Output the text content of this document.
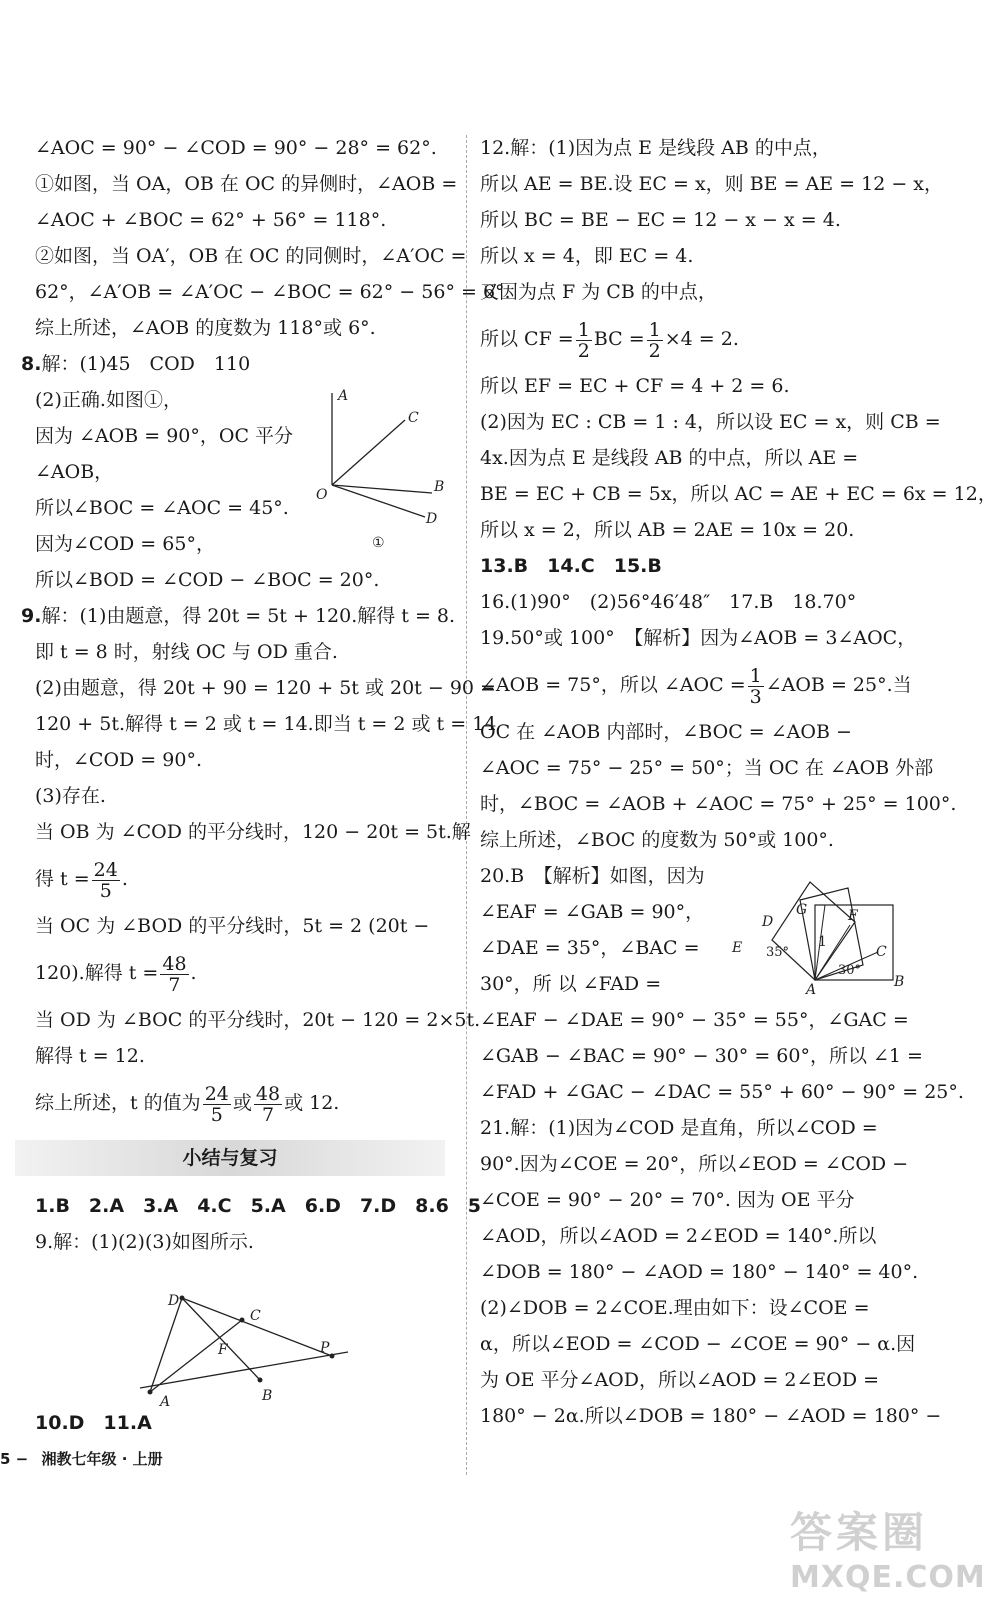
∠AOC = 90° − ∠COD = 90° − 28° = 62°.
①如图，当 OA，OB 在 OC 的异侧时，∠AOB =
∠AOC + ∠BOC = 62° + 56° = 118°.
②如图，当 OA′，OB 在 OC 的同侧时，∠A′OC =
62°，∠A′OB = ∠A′OC − ∠BOC = 62° − 56° = 6°.
综上所述，∠AOB 的度数为 118°或 6°.
8.解：(1)45　COD　110
(2)正确.如图①，
因为 ∠AOB = 90°，OC 平分
∠AOB，
所以∠BOC = ∠AOC = 45°.
因为∠COD = 65°，
所以∠BOD = ∠COD − ∠BOC = 20°.
9.解：(1)由题意，得 20t = 5t + 120.解得 t = 8.
即 t = 8 时，射线 OC 与 OD 重合.
(2)由题意，得 20t + 90 = 120 + 5t 或 20t − 90 =
120 + 5t.解得 t = 2 或 t = 14.即当 t = 2 或 t = 14
时，∠COD = 90°.
(3)存在.
当 OB 为 ∠COD 的平分线时，120 − 20t = 5t.解
得 $t = \frac{24}{5}$ .
当 OC 为 ∠BOD 的平分线时，5t = 2 (20t −
120).解得 $t = \frac{48}{7}$ .
当 OD 为 ∠BOC 的平分线时，20t − 120 = 2×5t.
解得 t = 12.
综上所述，t 的值为 $\frac{24}{5}$ 或 $\frac{48}{7}$ 或 12.
小结与复习
1.B　2.A　3.A　4.C　5.A　6.D　7.D　8.6　5
9.解：(1)(2)(3)如图所示.
10.D　11.A
A
C
O	B
D
①
D
C
F	P
A	B
12.解：(1)因为点 E 是线段 AB 的中点，
所以 AE = BE.设 EC = x，则 BE = AE = 12 − x，
所以 BC = BE − EC = 12 − x − x = 4.
所以 x = 4，即 EC = 4.
又因为点 F 为 CB 的中点，
所以 CF = $\frac{1}{2}$ BC = $\frac{1}{2} \times 4 = 2$.
所以 EF = EC + CF = 4 + 2 = 6.
(2)因为 EC : CB = 1 : 4，所以设 EC = x，则 CB =
4x.因为点 E 是线段 AB 的中点，所以 AE =
BE = EC + CB = 5x，所以 AC = AE + EC = 6x = 12，
所以 x = 2，所以 AB = 2AE = 10x = 20.
13.B　14.C　15.B
16.(1)90°　(2)56°46′48″　17.B　18.70°
19.50°或 100°　【解析】因为∠AOB = 3∠AOC，
∠AOB = 75°，所以 ∠AOC = $\frac{1}{3}$ ∠AOB = 25°.当
OC 在 ∠AOB 内部时，∠BOC = ∠AOB −
∠AOC = 75° − 25° = 50°；当 OC 在 ∠AOB 外部
时，∠BOC = ∠AOB + ∠AOC = 75° + 25° = 100°.
综上所述，∠BOC 的度数为 50°或 100°.
20.B　【解析】如图，因为
∠EAF = ∠GAB = 90°，
∠DAE = 35°，∠BAC =
30°，所 以 ∠FAD =
∠EAF − ∠DAE = 90° − 35° = 55°，∠GAC =
∠GAB − ∠BAC = 90° − 30° = 60°，所以 ∠1 =
∠FAD + ∠GAC − ∠DAC = 55° + 60° − 90° = 25°.
21.解：(1)因为∠COD 是直角，所以∠COD =
90°.因为∠COE = 20°，所以∠EOD = ∠COD −
∠COE = 90° − 20° = 70°. 因为 OE 平分
∠AOD，所以∠AOD = 2∠EOD = 140°.所以
∠DOB = 180° − ∠AOD = 180° − 140° = 40°.
(2)∠DOB = 2∠COE.理由如下：设∠COE =
α，所以∠EOD = ∠COD − ∠COE = 90° − α.因
为 OE 平分∠AOD，所以∠AOD = 2∠EOD =
180° − 2α.所以∠DOB = 180° − ∠AOD = 180° −
D
G	F
E	1
C
A	B
35°
30°
5 − 湘教七年级 · 上册
答案圈
MXQE.COM
